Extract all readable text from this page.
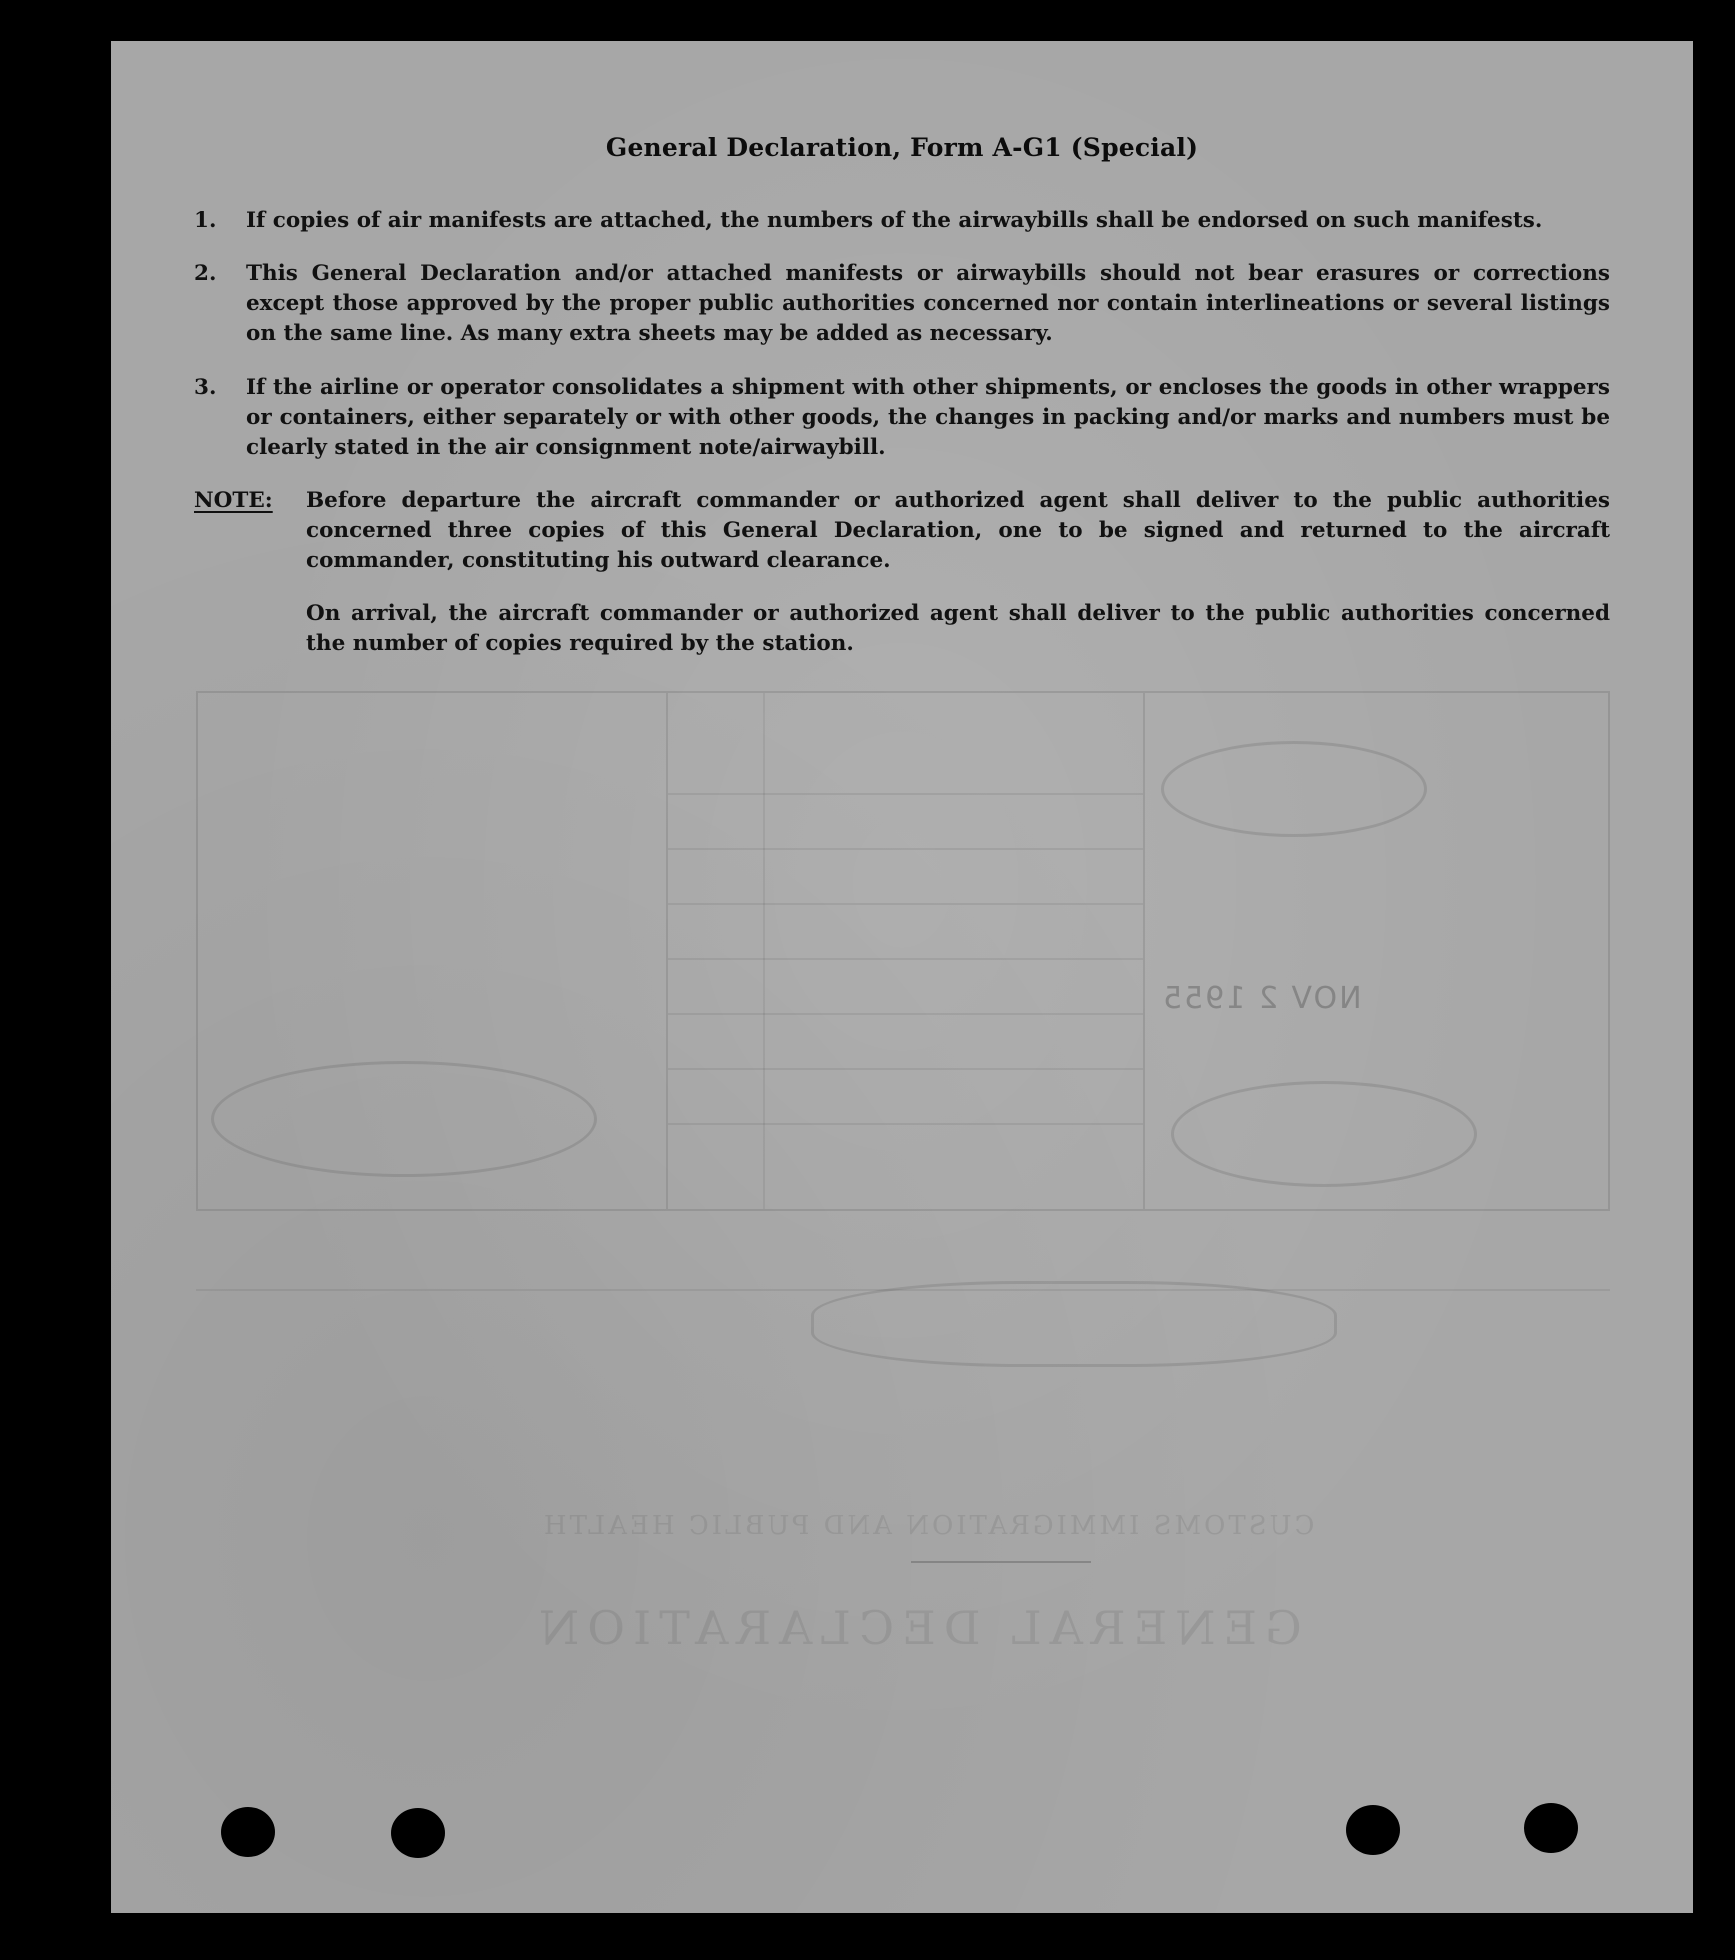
GENERAL DECLARATION
CUSTOMS IMMIGRATION AND PUBLIC HEALTH
NOV 2 1955
General Declaration, Form A-G1 (Special)
1. If copies of air manifests are attached, the numbers of the airwaybills shall be endorsed on such manifests.
2. This General Declaration and/or attached manifests or airwaybills should not bear erasures or corrections except those approved by the proper public authorities concerned nor contain interlineations or several listings on the same line. As many extra sheets may be added as necessary.
3. If the airline or operator consolidates a shipment with other shipments, or encloses the goods in other wrappers or containers, either separately or with other goods, the changes in packing and/or marks and numbers must be clearly stated in the air consignment note/airwaybill.
NOTE: Before departure the aircraft commander or authorized agent shall deliver to the public authorities concerned three copies of this General Declaration, one to be signed and returned to the aircraft commander, constituting his outward clearance.
On arrival, the aircraft commander or authorized agent shall deliver to the public authorities concerned the number of copies required by the station.
